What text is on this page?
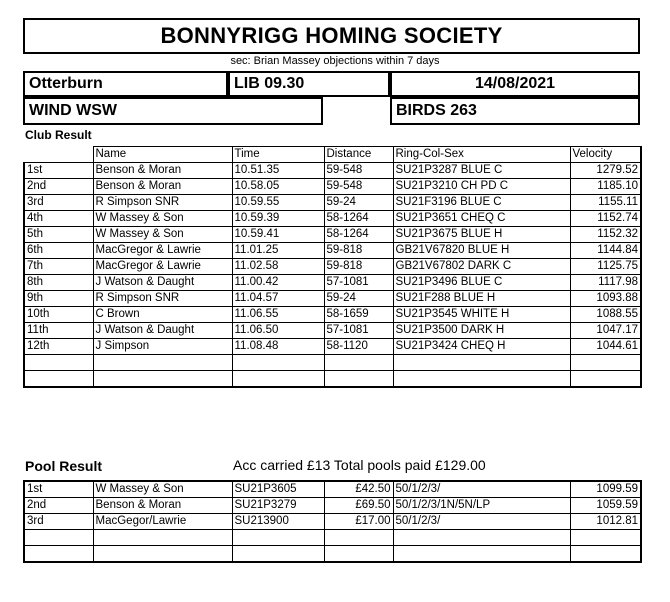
BONNYRIGG HOMING SOCIETY
sec: Brian Massey objections within 7 days
Otterburn	LIB 09.30	14/08/2021
WIND WSW	BIRDS 263
Club Result
	Name	Time	Distance	Ring-Col-Sex	Velocity
1st	Benson & Moran	10.51.35	59-548	SU21P3287 BLUE C	1279.52
2nd	Benson & Moran	10.58.05	59-548	SU21P3210 CH PD C	1185.10
3rd	R Simpson SNR	10.59.55	59-24	SU21F3196 BLUE C	1155.11
4th	W Massey & Son	10.59.39	58-1264	SU21P3651 CHEQ C	1152.74
5th	W Massey & Son	10.59.41	58-1264	SU21P3675 BLUE H	1152.32
6th	MacGregor & Lawrie	11.01.25	59-818	GB21V67820 BLUE H	1144.84
7th	MacGregor & Lawrie	11.02.58	59-818	GB21V67802 DARK C	1125.75
8th	J Watson & Daught	11.00.42	57-1081	SU21P3496 BLUE C	1117.98
9th	R Simpson SNR	11.04.57	59-24	SU21F288 BLUE H	1093.88
10th	C Brown	11.06.55	58-1659	SU21P3545 WHITE H	1088.55
11th	J Watson & Daught	11.06.50	57-1081	SU21P3500 DARK H	1047.17
12th	J Simpson	11.08.48	58-1120	SU21P3424 CHEQ H	1044.61

Pool Result	Acc carried £13 Total pools paid £129.00
1st	W Massey & Son	SU21P3605	£42.50	50/1/2/3/	1099.59
2nd	Benson & Moran	SU21P3279	£69.50	50/1/2/3/1N/5N/LP	1059.59
3rd	MacGegor/Lawrie	SU213900	£17.00	50/1/2/3/	1012.81
